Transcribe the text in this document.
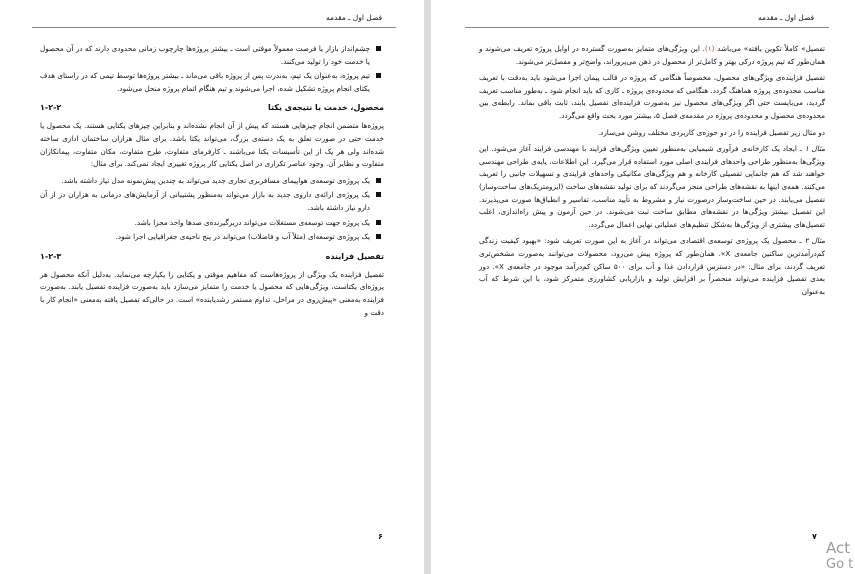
فصل اول ـ مقدمه
چشم‌انداز بازار یا فرصت معمولاً موقتی است ـ بیشتر پروژه‌ها چارچوب زمانی محدودی دارند که در آن محصول یا خدمت خود را تولید می‌کنند.
تیم پروژه، به‌عنوان یک تیم، به‌ندرت پس از پروژه باقی می‌ماند ـ بیشتر پروژه‌ها توسط تیمی که در راستای هدف یکتای انجام پروژه تشکیل شده، اجرا می‌شوند و تیم هنگام اتمام پروژه منحل می‌شود.
محصول، خدمت یا نتیجه‌ی یکتا
۱-۲-۲

پروژه‌ها متضمن انجام چیزهایی هستند که پیش از آن انجام نشده‌اند و بنابراین چیزهای یکتایی هستند. یک محصول یا خدمت حتی در صورت تعلق به یک دسته‌ی بزرگ، می‌تواند یکتا باشد. برای مثال هزاران ساختمان اداری ساخته شده‌اند ولی هر یک از این تأسیسات یکتا می‌باشند ـ کارفرمای متفاوت، طرح متفاوت، مکان متفاوت، پیمانکاران متفاوت و نظایر آن. وجود عناصر تکراری در اصل یکتایی کار پروژه تغییری ایجاد نمی‌کند. برای مثال:

یک پروژه‌ی توسعه‌ی هواپیمای مسافربری تجاری جدید می‌تواند به چندین پیش‌نمونه مدل نیاز داشته باشد.
یک پروژه‌ی ارائه‌ی داروی جدید به بازار می‌تواند به‌منظور پشتیبانی از آزمایش‌های درمانی به هزاران دز از آن دارو نیاز داشته باشد.
یک پروژه جهت توسعه‌ی مستغلات می‌تواند دربرگیرنده‌ی صدها واحد مجزا باشد.
یک پروژه‌ی توسعه‌ای (مثلاً آب و فاضلاب) می‌تواند در پنج ناحیه‌ی جغرافیایی اجرا شود.
تفصیل فزاینده
۱-۲-۳

تفصیل فزاینده یک ویژگی از پروژه‌هاست که مفاهیم موقتی و یکتایی را یکپارچه می‌نماید. به‌دلیل آنکه محصول هر پروژه‌ای یکتاست، ویژگی‌هایی که محصول یا خدمت را متمایز می‌سازد باید به‌صورت فزاینده تفصیل یابند. به‌صورت فزاینده به‌معنی «پیش‌روی در مراحل، تداوم مستمر رشدیابنده» است. در حالی‌که تفصیل یافته به‌معنی «انجام کار با دقت و

۶
فصل اول ـ مقدمه

تفصیل» کاملاً تکوین یافته» می‌باشد (۱). این ویژگی‌های متمایز به‌صورت گسترده در اوایل پروژه تعریف می‌شوند و همان‌طور که تیم پروژه درکی بهتر و کامل‌تر از محصول در ذهن می‌پروراند، واضح‌تر و مفصل‌تر می‌شوند.

تفصیل فزاینده‌ی ویژگی‌های محصول، مخصوصاً هنگامی که پروژه در قالب پیمان اجرا می‌شود باید به‌دقت با تعریف مناسب محدوده‌ی پروژه هماهنگ گردد. هنگامی که محدوده‌ی پروژه ـ کاری که باید انجام شود ـ به‌طور مناسب تعریف گردید، می‌بایست حتی اگر ویژگی‌های محصول نیز به‌صورت فزاینده‌ای تفصیل یابند، ثابت باقی بماند. رابطه‌ی بین محدوده‌ی محصول و محدوده‌ی پروژه در مقدمه‌ی فصل ۵، بیشتر مورد بحث واقع می‌گردد.

دو مثال زیر تفصیل فزاینده را در دو حوزه‌ی کاربردی مختلف روشن می‌سازد.

مثال ۱ ـ ایجاد یک کارخانه‌ی فرآوری شیمیایی به‌منظور تعیین ویژگی‌های فرایند با مهندسی فرایند آغاز می‌شود. این ویژگی‌ها به‌منظور طراحی واحدهای فرایندی اصلی مورد استفاده قرار می‌گیرد. این اطلاعات، پایه‌ی طراحی مهندسی خواهند شد که هم جانمایی تفصیلی کارخانه و هم ویژگی‌های مکانیکی واحدهای فرایندی و تسهیلات جانبی را تعریف می‌کنند. همه‌ی اینها به نقشه‌های طراحی منجر می‌گردند که برای تولید نقشه‌های ساخت (ایزومتریک‌های ساخت‌وساز) تفصیل می‌یابند. در حین ساخت‌وساز درصورت نیاز و مشروط به تأیید مناسب، تفاسیر و انطباق‌ها صورت می‌پذیرند. این تفصیل بیشتر ویژگی‌ها در نقشه‌های مطابق ساخت ثبت می‌شوند. در حین آزمون و پیش راه‌اندازی، اغلب تفصیل‌های بیشتری از ویژگی‌ها به‌شکل تنظیم‌های عملیاتی نهایی اعمال می‌گردد.

مثال ۲ ـ محصول یک پروژه‌ی توسعه‌ی اقتصادی می‌تواند در آغاز به این صورت تعریف شود: «بهبود کیفیت زندگی کم‌درآمدترین ساکنین جامعه‌ی X». همان‌طور که پروژه پیش می‌رود، محصولات می‌توانند به‌صورت مشخص‌تری تعریف گردند، برای مثال: «در دسترس قراردادن غذا و آب برای ۵۰۰ ساکن کم‌درآمد موجود در جامعه‌ی X». دور بعدی تفصیل فزاینده می‌تواند منحصراً بر افزایش تولید و بازاریابی کشاورزی متمرکز شود، با این شرط که آب به‌عنوان

۷
Act
Go t
